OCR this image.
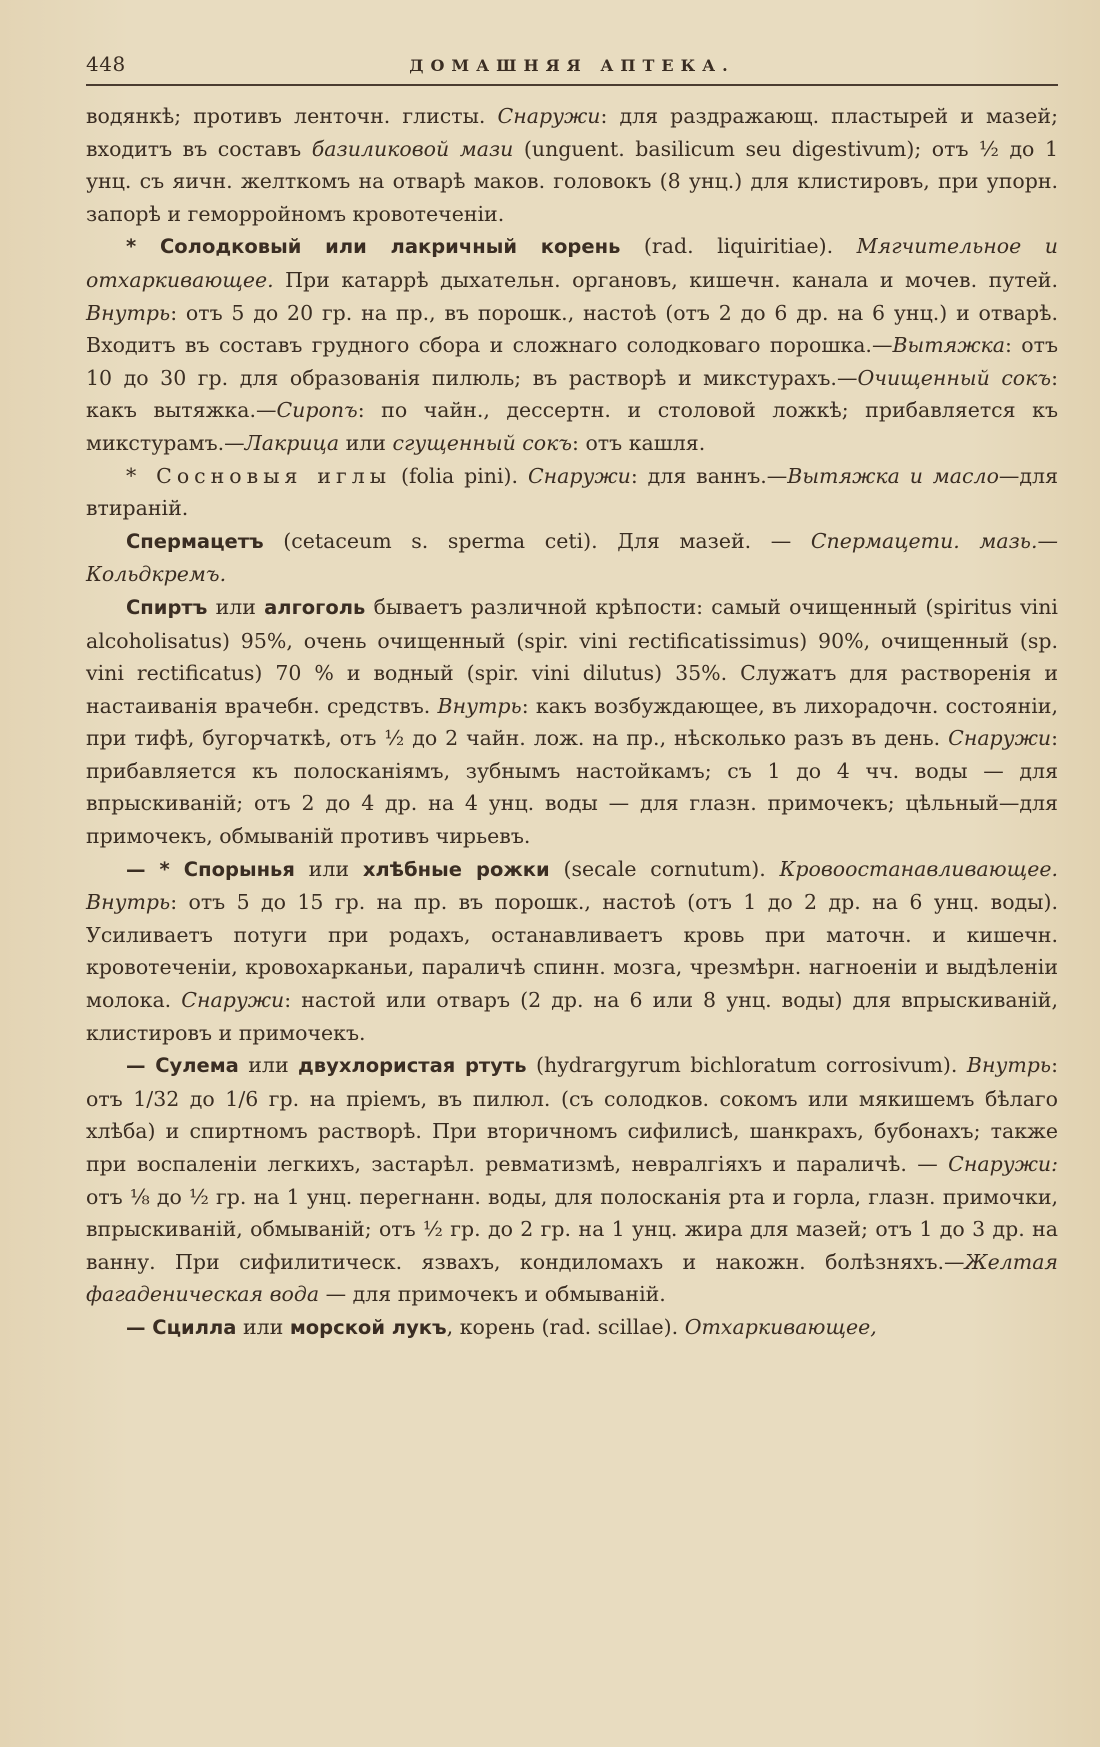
448	ДОМАШНЯЯ АПТЕКА.

водянкѣ; противъ ленточн. глисты. Снаружи: для раздражающ. пластырей и мазей; входитъ въ составъ базиликовой мази (unguent. basilicum seu digestivum); отъ ½ до 1 унц. съ яичн. желткомъ на отварѣ маков. головокъ (8 унц.) для клистировъ, при упорн. запорѣ и геморройномъ кровотеченіи.

* Солодковый или лакричный корень (rad. liquiritiae). Мягчительное и отхаркивающее. При катаррѣ дыхательн. органовъ, кишечн. канала и мочев. путей. Внутрь: отъ 5 до 20 гр. на пр., въ порошк., настоѣ (отъ 2 до 6 др. на 6 унц.) и отварѣ. Входитъ въ составъ грудного сбора и сложнаго солодковаго порошка.—Вытяжка: отъ 10 до 30 гр. для образованія пилюль; въ растворѣ и микстурахъ.—Очищенный сокъ: какъ вытяжка.—Сиропъ: по чайн., дессертн. и столовой ложкѣ; прибавляется къ микстурамъ.—Лакрица или сгущенный сокъ: отъ кашля.

* Сосновыя иглы (folia pini). Снаружи: для ваннъ.—Вытяжка и масло—для втираній.

Спермацетъ (cetaceum s. sperma ceti). Для мазей. — Спермацети. мазь.—Кольдкремъ.

Спиртъ или алгоголь бываетъ различной крѣпости: самый очищенный (spiritus vini alcoholisatus) 95%, очень очищенный (spir. vini rectificatissimus) 90%, очищенный (sp. vini rectificatus) 70 % и водный (spir. vini dilutus) 35%. Служатъ для растворенія и настаиванія врачебн. средствъ. Внутрь: какъ возбуждающее, въ лихорадочн. состояніи, при тифѣ, бугорчаткѣ, отъ ½ до 2 чайн. лож. на пр., нѣсколько разъ въ день. Снаружи: прибавляется къ полосканіямъ, зубнымъ настойкамъ; съ 1 до 4 чч. воды — для впрыскиваній; отъ 2 до 4 др. на 4 унц. воды — для глазн. примочекъ; цѣльный—для примочекъ, обмываній противъ чирьевъ.

— * Спорынья или хлѣбные рожки (secale cornutum). Кровоостанавливающее. Внутрь: отъ 5 до 15 гр. на пр. въ порошк., настоѣ (отъ 1 до 2 др. на 6 унц. воды). Усиливаетъ потуги при родахъ, останавливаетъ кровь при маточн. и кишечн. кровотеченіи, кровохарканьи, параличѣ спинн. мозга, чрезмѣрн. нагноеніи и выдѣленіи молока. Снаружи: настой или отваръ (2 др. на 6 или 8 унц. воды) для впрыскиваній, клистировъ и примочекъ.

— Сулема или двухлористая ртуть (hydrargyrum bichloratum corrosivum). Внутрь: отъ 1/32 до 1/6 гр. на пріемъ, въ пилюл. (съ солодков. сокомъ или мякишемъ бѣлаго хлѣба) и спиртномъ растворѣ. При вторичномъ сифилисѣ, шанкрахъ, бубонахъ; также при воспаленіи легкихъ, застарѣл. ревматизмѣ, невралгіяхъ и параличѣ. — Снаружи: отъ ⅛ до ½ гр. на 1 унц. перегнанн. воды, для полосканія рта и горла, глазн. примочки, впрыскиваній, обмываній; отъ ½ гр. до 2 гр. на 1 унц. жира для мазей; отъ 1 до 3 др. на ванну. При сифилитическ. язвахъ, кондиломахъ и накожн. болѣзняхъ.—Желтая фагаденическая вода — для примочекъ и обмываній.

— Сцилла или морской лукъ, корень (rad. scillae). Отхаркивающее,
